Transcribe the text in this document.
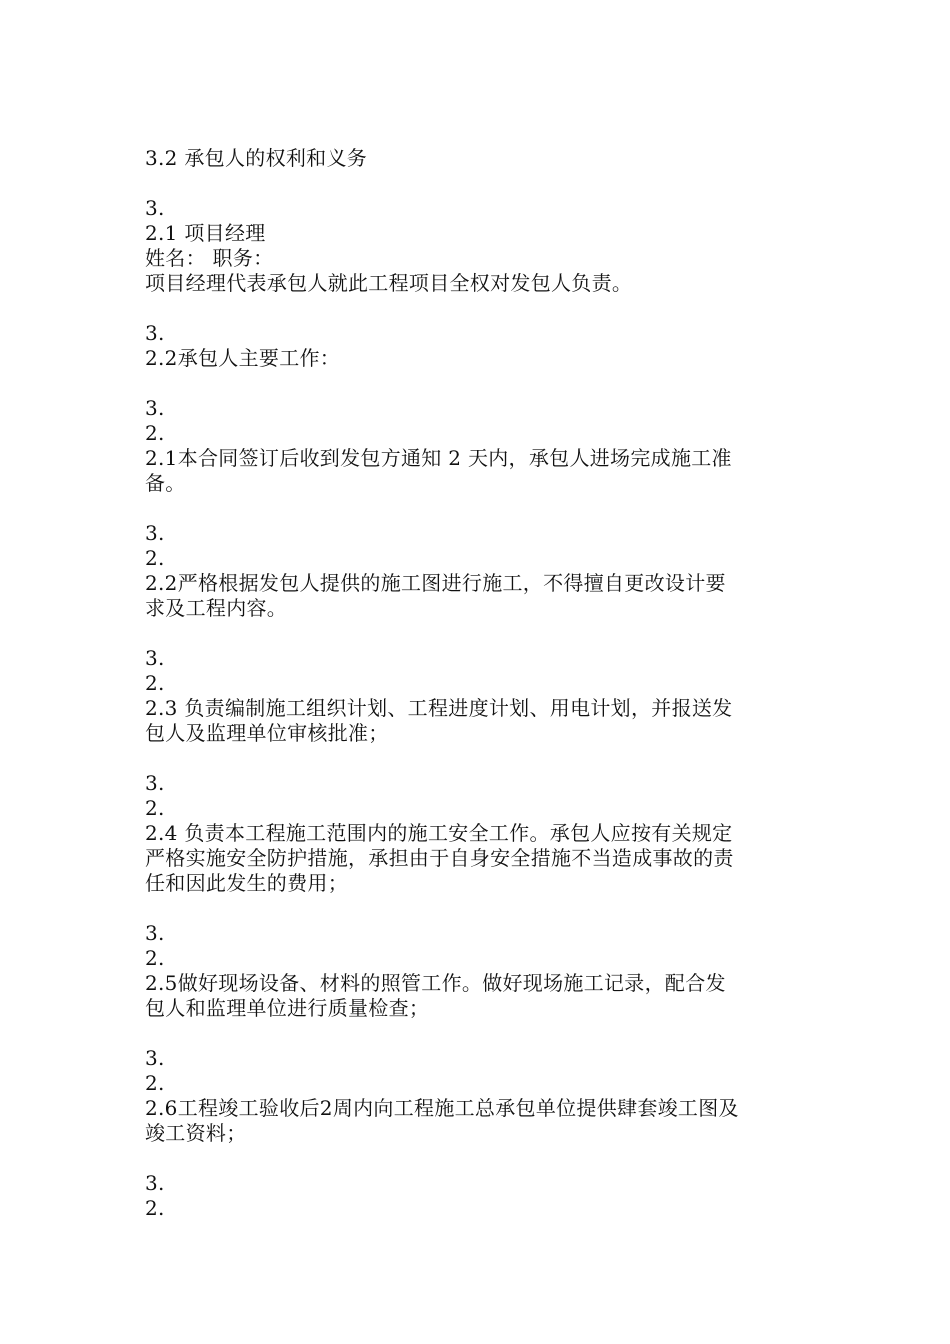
3.2 承包人的权利和义务
3.
2.1 项目经理
姓名： 职务：
项目经理代表承包人就此工程项目全权对发包人负责。
3.
2.2承包人主要工作：
3.
2.
2.1本合同签订后收到发包方通知 2 天内，承包人进场完成施工准
备。
3.
2.
2.2严格根据发包人提供的施工图进行施工，不得擅自更改设计要
求及工程内容。
3.
2.
2.3 负责编制施工组织计划、工程进度计划、用电计划，并报送发
包人及监理单位审核批准；
3.
2.
2.4 负责本工程施工范围内的施工安全工作。承包人应按有关规定
严格实施安全防护措施，承担由于自身安全措施不当造成事故的责
任和因此发生的费用；
3.
2.
2.5做好现场设备、材料的照管工作。做好现场施工记录，配合发
包人和监理单位进行质量检查；
3.
2.
2.6工程竣工验收后2周内向工程施工总承包单位提供肆套竣工图及
竣工资料；
3.
2.
